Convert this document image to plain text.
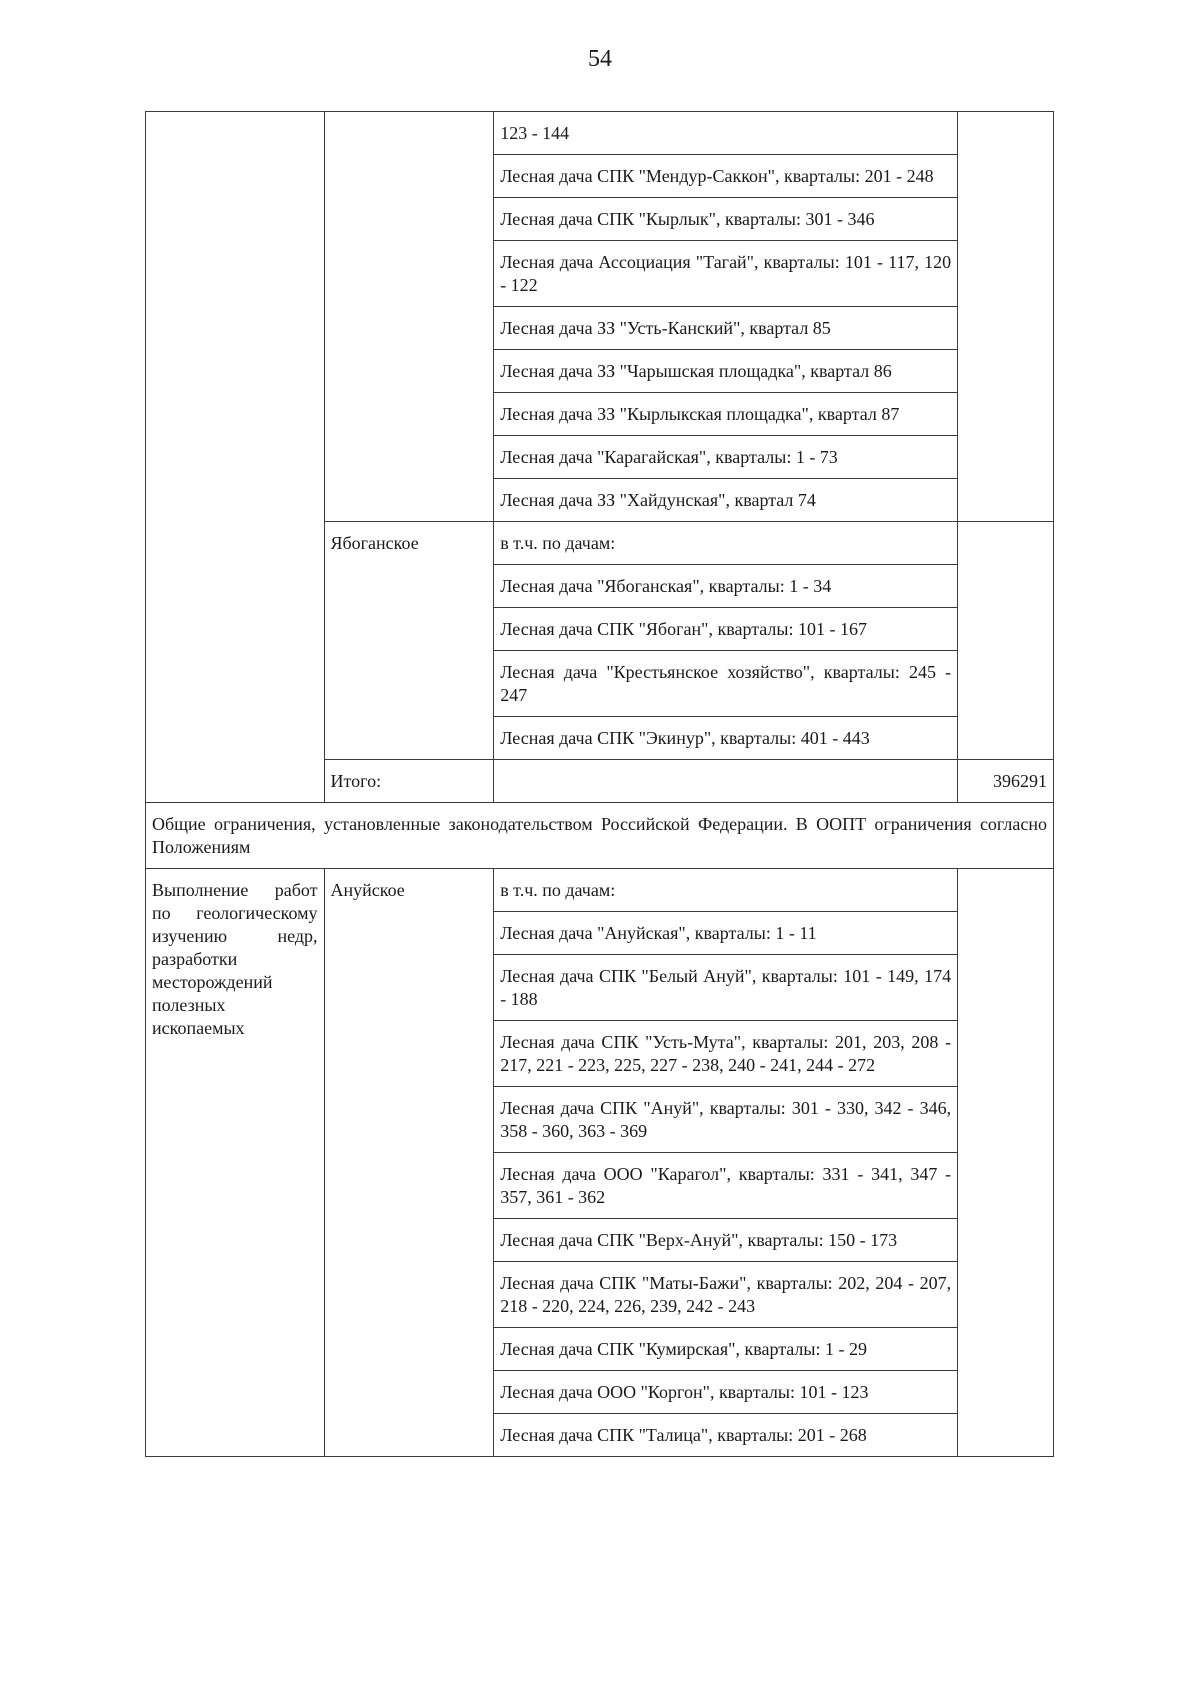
54
		123 - 144	
		Лесная дача СПК "Мендур-Саккон", кварталы: 201 - 248	
		Лесная дача СПК "Кырлык", кварталы: 301 - 346	
		Лесная дача Ассоциация "Тагай", кварталы: 101 - 117, 120 - 122	
		Лесная дача ЗЗ "Усть-Канский", квартал 85	
		Лесная дача ЗЗ "Чарышская площадка", квартал 86	
		Лесная дача ЗЗ "Кырлыкская площадка", квартал 87	
		Лесная дача "Карагайская", кварталы: 1 - 73	
		Лесная дача ЗЗ "Хайдунская", квартал 74	
	Ябоганское	в т.ч. по дачам:	
		Лесная дача "Ябоганская", кварталы: 1 - 34	
		Лесная дача СПК "Ябоган", кварталы: 101 - 167	
		Лесная дача "Крестьянское хозяйство", кварталы: 245 - 247	
		Лесная дача СПК "Экинур", кварталы: 401 - 443	
	Итого:		396291
Общие ограничения, установленные законодательством Российской Федерации. В ООПТ ограничения согласно Положениям			
Выполнение работ по геологическому изучению недр, разработки месторождений полезных ископаемых	Ануйское	в т.ч. по дачам:	
		Лесная дача "Ануйская", кварталы: 1 - 11	
		Лесная дача СПК "Белый Ануй", кварталы: 101 - 149, 174 - 188	
		Лесная дача СПК "Усть-Мута", кварталы: 201, 203, 208 - 217, 221 - 223, 225, 227 - 238, 240 - 241, 244 - 272	
		Лесная дача СПК "Ануй", кварталы: 301 - 330, 342 - 346, 358 - 360, 363 - 369	
		Лесная дача ООО "Карагол", кварталы: 331 - 341, 347 - 357, 361 - 362	
		Лесная дача СПК "Верх-Ануй", кварталы: 150 - 173	
		Лесная дача СПК "Маты-Бажи", кварталы: 202, 204 - 207, 218 - 220, 224, 226, 239, 242 - 243	
		Лесная дача СПК "Кумирская", кварталы: 1 - 29	
		Лесная дача ООО "Коргон", кварталы: 101 - 123	
		Лесная дача СПК "Талица", кварталы: 201 - 268	
